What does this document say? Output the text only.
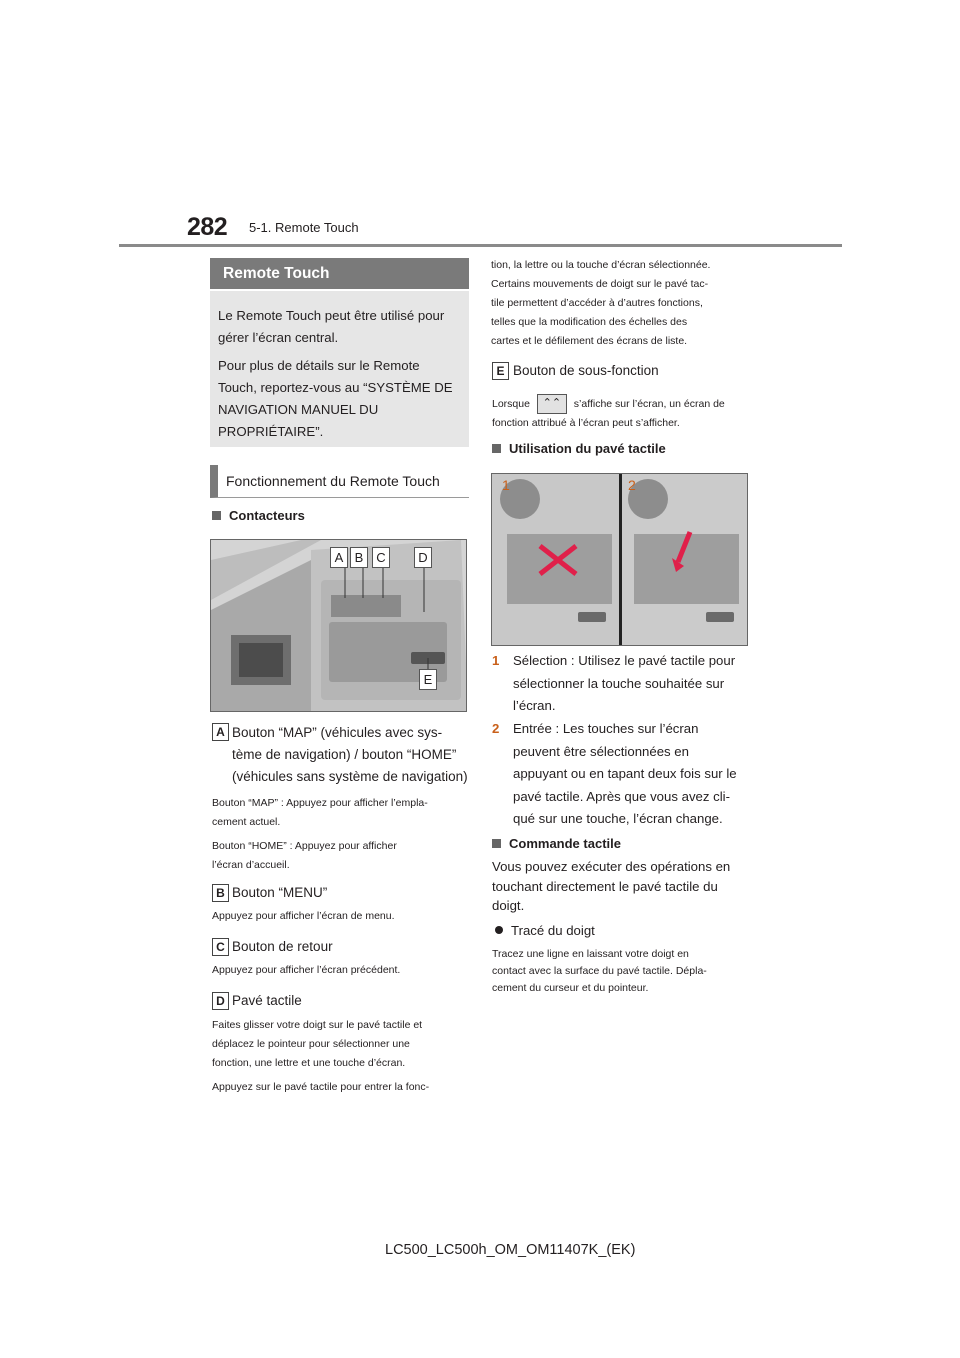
282 5-1. Remote Touch
Remote Touch

Le Remote Touch peut être utilisé pour gérer l’écran central.

Pour plus de détails sur le Remote Touch, reportez-vous au “SYSTÈME DE NAVIGATION MANUEL DU PROPRIÉTAIRE”.

Fonctionnement du Remote Touch
Contacteurs
A B C	D
E
A Bouton “MAP” (véhicules avec sys-
tème de navigation) / bouton “HOME”
(véhicules sans système de navigation)
Bouton “MAP” : Appuyez pour afficher l’empla-
cement actuel.
Bouton “HOME” : Appuyez pour afficher
l’écran d’accueil.
B Bouton “MENU”
Appuyez pour afficher l’écran de menu.
C Bouton de retour
Appuyez pour afficher l’écran précédent.
D Pavé tactile
Faites glisser votre doigt sur le pavé tactile et
déplacez le pointeur pour sélectionner une
fonction, une lettre et une touche d’écran.
Appuyez sur le pavé tactile pour entrer la fonc-
tion, la lettre ou la touche d’écran sélectionnée.
Certains mouvements de doigt sur le pavé tac-
tile permettent d’accéder à d’autres fonctions,
telles que la modification des échelles des
cartes et le défilement des écrans de liste.
E Bouton de sous-fonction
Lorsque ⌃⌃ s’affiche sur l’écran, un écran de
fonction attribué à l’écran peut s’afficher.
Utilisation du pavé tactile
1	2
1 Sélection : Utilisez le pavé tactile pour
sélectionner la touche souhaitée sur
l’écran.
2 Entrée : Les touches sur l’écran
peuvent être sélectionnées en
appuyant ou en tapant deux fois sur le
pavé tactile. Après que vous avez cli-
qué sur une touche, l’écran change.
Commande tactile
Vous pouvez exécuter des opérations en
touchant directement le pavé tactile du
doigt.
Tracé du doigt
Tracez une ligne en laissant votre doigt en
contact avec la surface du pavé tactile. Dépla-
cement du curseur et du pointeur.
LC500_LC500h_OM_OM11407K_(EK)
